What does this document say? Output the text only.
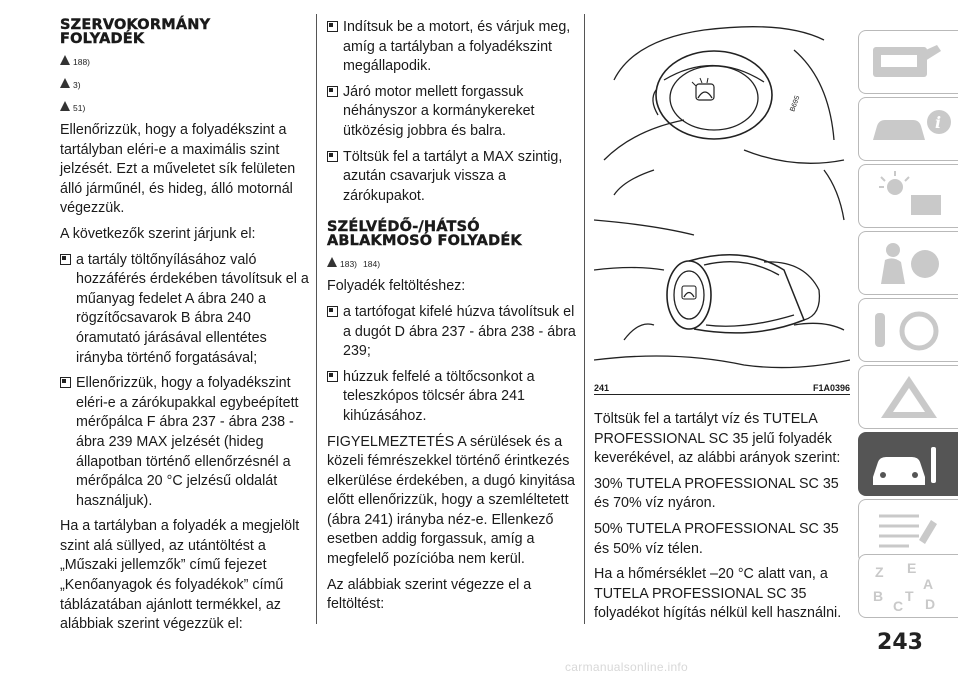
SZERVOKORMÁNY
FOLYADÉK
188)
3)
51)

Ellenőrizzük, hogy a folyadékszint a tartályban eléri-e a maximális szint jelzését. Ezt a műveletet sík felületen álló járműnél, és hideg, álló motornál végezzük.

A következők szerint járjunk el:

a tartály töltőnyílásához való hozzáférés érdekében távolítsuk el a műanyag fedelet A ábra 240 a rögzítőcsavarok B ábra 240 óramutató járásával ellentétes irányba történő forgatásával;
Ellenőrizzük, hogy a folyadékszint eléri-e a zárókupakkal egybeépített mérőpálca F ábra 237 - ábra 238 - ábra 239 MAX jelzését (hideg állapotban történő ellenőrzésnél a mérőpálca 20 °C jelzésű oldalát használjuk).

Ha a tartályban a folyadék a megjelölt szint alá süllyed, az utántöltést a „Műszaki jellemzők” című fejezet „Kenőanyagok és folyadékok” című táblázatában ajánlott termékkel, az alábbiak szerint végezzük el:

Indítsuk be a motort, és várjuk meg, amíg a tartályban a folyadékszint megállapodik.
Járó motor mellett forgassuk néhányszor a kormánykereket ütközésig jobbra és balra.
Töltsük fel a tartályt a MAX szintig, azután csavarjuk vissza a zárókupakot.
SZÉLVÉDŐ-/HÁTSÓ
ABLAKMOSÓ FOLYADÉK
183) 184)

Folyadék feltöltéshez:

a tartófogat kifelé húzva távolítsuk el a dugót D ábra 237 - ábra 238 - ábra 239;
húzzuk felfelé a töltőcsonkot a teleszkópos tölcsér ábra 241 kihúzásához.

FIGYELMEZTETÉS A sérülések és a közeli fémrészekkel történő érintkezés elkerülése érdekében, a dugó kinyitása előtt ellenőrizzük, hogy a szemléltetett (ábra 241) irányba néz-e. Ellenkező esetben addig forgassuk, amíg a megfelelő pozícióba nem kerül.

Az alábbiak szerint végezze el a feltöltést:

B695
241	F1A0396

Töltsük fel a tartályt víz és TUTELA PROFESSIONAL SC 35 jelű folyadék keverékével, az alábbi arányok szerint:

30% TUTELA PROFESSIONAL SC 35 és 70% víz nyáron.

50% TUTELA PROFESSIONAL SC 35 és 50% víz télen.

Ha a hőmérséklet –20 °C alatt van, a TUTELA PROFESSIONAL SC 35 folyadékot hígítás nélkül kell használni.

i
Z E
A
B
C
T D
243
carmanualsonline.info
